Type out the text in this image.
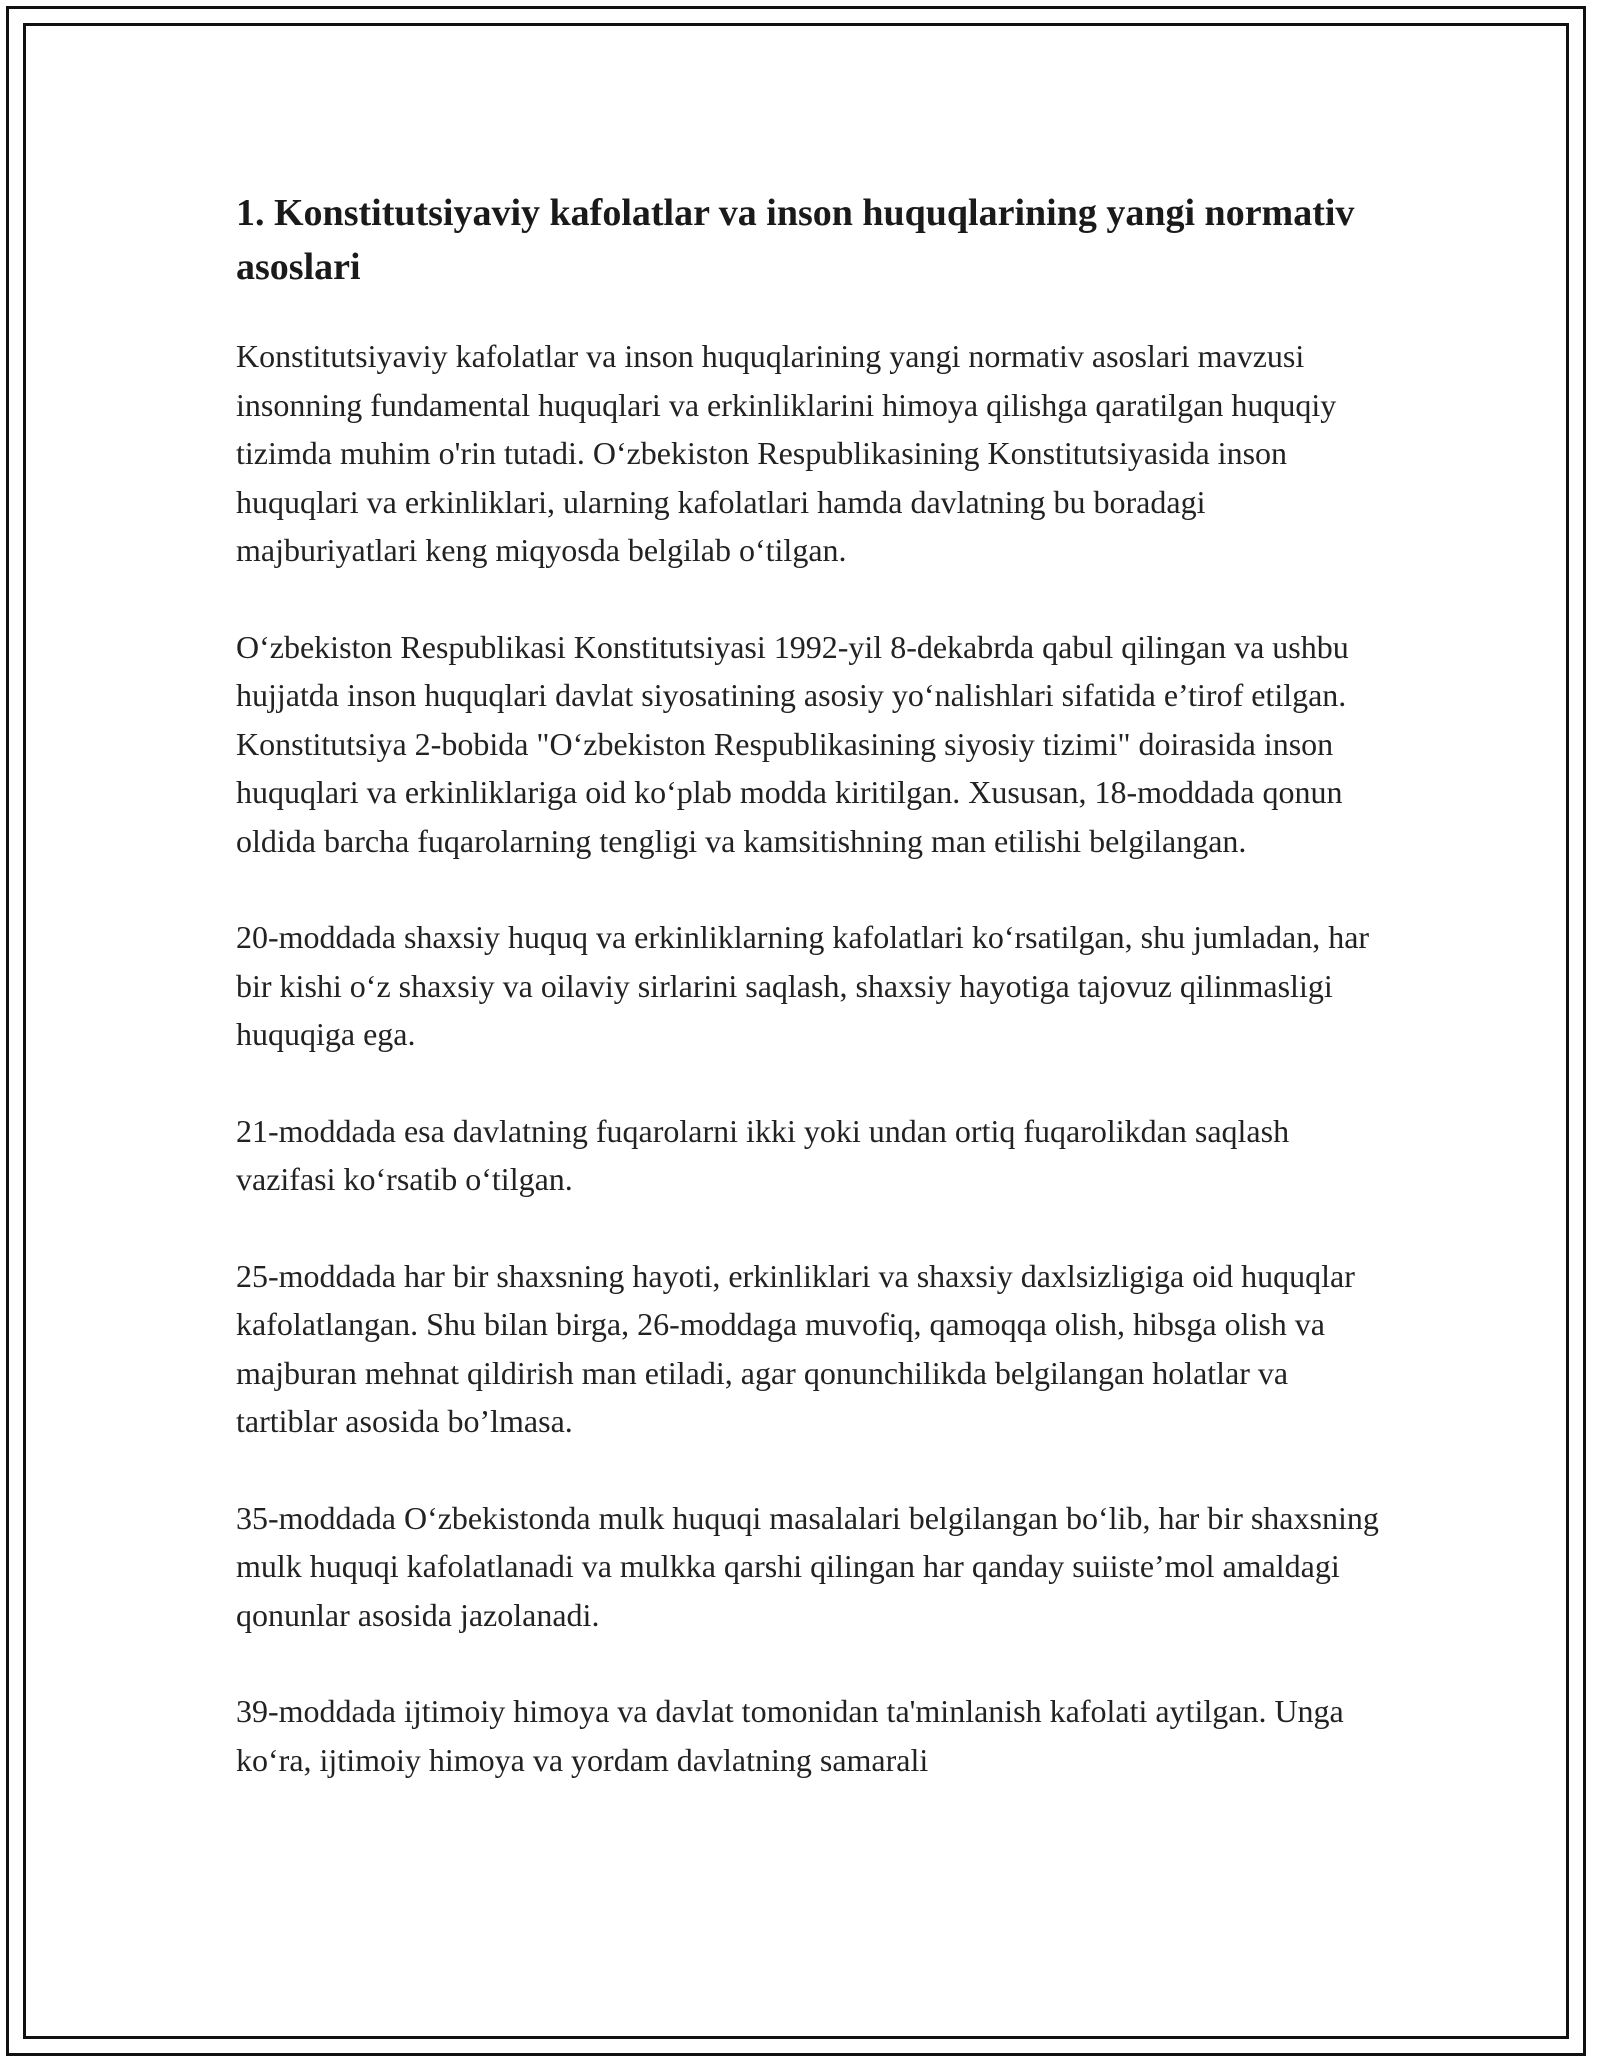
1. Konstitutsiyaviy kafolatlar va inson huquqlarining yangi normativ asoslari

Konstitutsiyaviy kafolatlar va inson huquqlarining yangi normativ asoslari mavzusi insonning fundamental huquqlari va erkinliklarini himoya qilishga qaratilgan huquqiy tizimda muhim o'rin tutadi. O‘zbekiston Respublikasining Konstitutsiyasida inson huquqlari va erkinliklari, ularning kafolatlari hamda davlatning bu boradagi majburiyatlari keng miqyosda belgilab o‘tilgan.

O‘zbekiston Respublikasi Konstitutsiyasi 1992-yil 8-dekabrda qabul qilingan va ushbu hujjatda inson huquqlari davlat siyosatining asosiy yo‘nalishlari sifatida e’tirof etilgan. Konstitutsiya 2-bobida "O‘zbekiston Respublikasining siyosiy tizimi" doirasida inson huquqlari va erkinliklariga oid ko‘plab modda kiritilgan. Xususan, 18-moddada qonun oldida barcha fuqarolarning tengligi va kamsitishning man etilishi belgilangan.

20-moddada shaxsiy huquq va erkinliklarning kafolatlari ko‘rsatilgan, shu jumladan, har bir kishi o‘z shaxsiy va oilaviy sirlarini saqlash, shaxsiy hayotiga tajovuz qilinmasligi huquqiga ega.

21-moddada esa davlatning fuqarolarni ikki yoki undan ortiq fuqarolikdan saqlash vazifasi ko‘rsatib o‘tilgan.

25-moddada har bir shaxsning hayoti, erkinliklari va shaxsiy daxlsizligiga oid huquqlar kafolatlangan. Shu bilan birga, 26-moddaga muvofiq, qamoqqa olish, hibsga olish va majburan mehnat qildirish man etiladi, agar qonunchilikda belgilangan holatlar va tartiblar asosida bo’lmasa.

35-moddada O‘zbekistonda mulk huquqi masalalari belgilangan bo‘lib, har bir shaxsning mulk huquqi kafolatlanadi va mulkka qarshi qilingan har qanday suiiste’mol amaldagi qonunlar asosida jazolanadi.

39-moddada ijtimoiy himoya va davlat tomonidan ta'minlanish kafolati aytilgan. Unga ko‘ra, ijtimoiy himoya va yordam davlatning samarali
